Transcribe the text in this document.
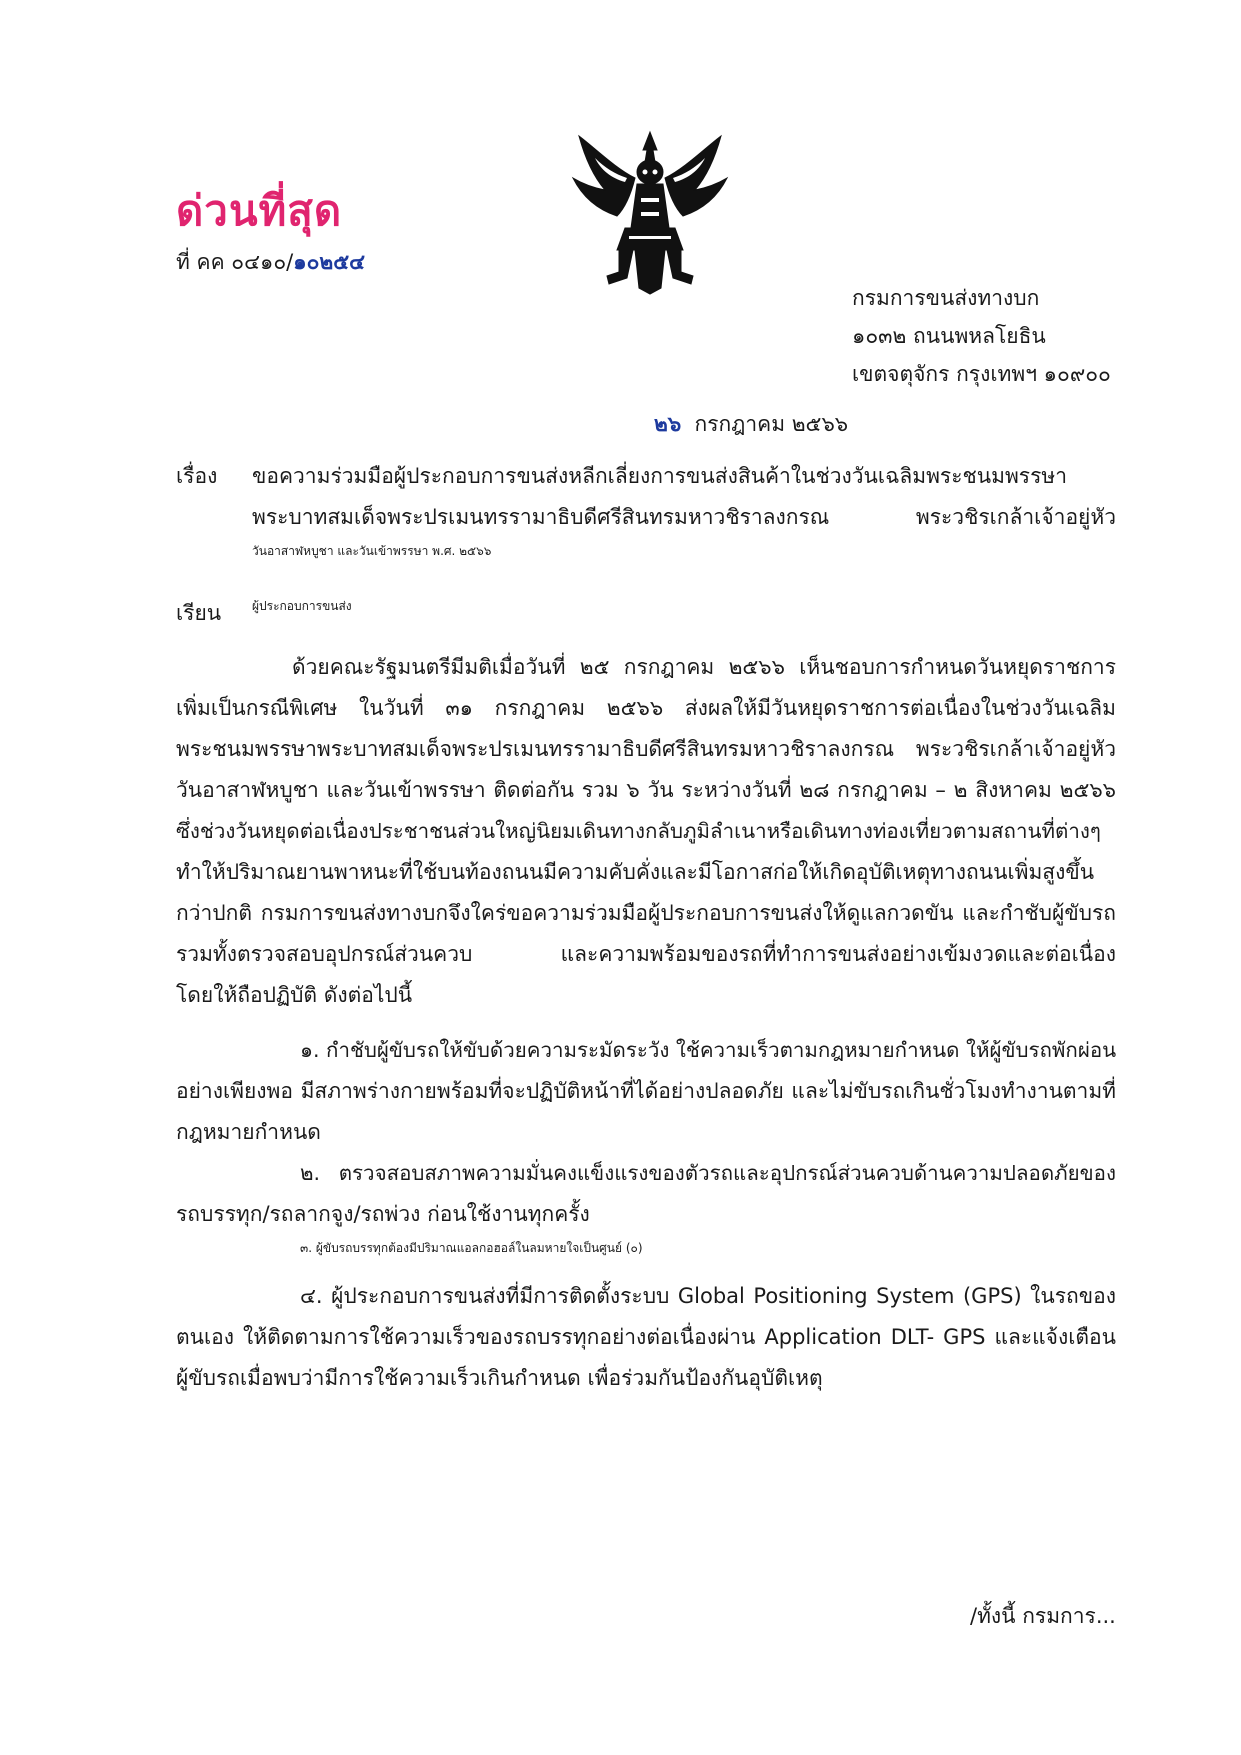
ด่วนที่สุด
ที่ คค ๐๔๑๐/๑๐๒๕๔
กรมการขนส่งทางบก
๑๐๓๒ ถนนพหลโยธิน
เขตจตุจักร กรุงเทพฯ ๑๐๙๐๐
๒๖ กรกฎาคม ๒๕๖๖
เรื่อง ขอความร่วมมือผู้ประกอบการขนส่งหลีกเลี่ยงการขนส่งสินค้าในช่วงวันเฉลิมพระชนมพรรษา
พระบาทสมเด็จพระปรเมนทรรามาธิบดีศรีสินทรมหาวชิราลงกรณ พระวชิรเกล้าเจ้าอยู่หัว
วันอาสาฬหบูชา และวันเข้าพรรษา พ.ศ. ๒๕๖๖
เรียน	ผู้ประกอบการขนส่ง
ด้วยคณะรัฐมนตรีมีมติเมื่อวันที่ ๒๕ กรกฎาคม ๒๕๖๖ เห็นชอบการกำหนดวันหยุดราชการ
เพิ่มเป็นกรณีพิเศษ ในวันที่ ๓๑ กรกฎาคม ๒๕๖๖ ส่งผลให้มีวันหยุดราชการต่อเนื่องในช่วงวันเฉลิม
พระชนมพรรษาพระบาทสมเด็จพระปรเมนทรรามาธิบดีศรีสินทรมหาวชิราลงกรณ พระวชิรเกล้าเจ้าอยู่หัว
วันอาสาฬหบูชา และวันเข้าพรรษา ติดต่อกัน รวม ๖ วัน ระหว่างวันที่ ๒๘ กรกฎาคม – ๒ สิงหาคม ๒๕๖๖
ซึ่งช่วงวันหยุดต่อเนื่องประชาชนส่วนใหญ่นิยมเดินทางกลับภูมิลำเนาหรือเดินทางท่องเที่ยวตามสถานที่ต่างๆ
ทำให้ปริมาณยานพาหนะที่ใช้บนท้องถนนมีความคับคั่งและมีโอกาสก่อให้เกิดอุบัติเหตุทางถนนเพิ่มสูงขึ้น
กว่าปกติ กรมการขนส่งทางบกจึงใคร่ขอความร่วมมือผู้ประกอบการขนส่งให้ดูแลกวดขัน และกำชับผู้ขับรถ
รวมทั้งตรวจสอบอุปกรณ์ส่วนควบ และความพร้อมของรถที่ทำการขนส่งอย่างเข้มงวดและต่อเนื่อง
โดยให้ถือปฏิบัติ ดังต่อไปนี้
๑. กำชับผู้ขับรถให้ขับด้วยความระมัดระวัง ใช้ความเร็วตามกฎหมายกำหนด ให้ผู้ขับรถพักผ่อน
อย่างเพียงพอ มีสภาพร่างกายพร้อมที่จะปฏิบัติหน้าที่ได้อย่างปลอดภัย และไม่ขับรถเกินชั่วโมงทำงานตามที่
กฎหมายกำหนด
๒. ตรวจสอบสภาพความมั่นคงแข็งแรงของตัวรถและอุปกรณ์ส่วนควบด้านความปลอดภัยของ
รถบรรทุก/รถลากจูง/รถพ่วง ก่อนใช้งานทุกครั้ง
๓. ผู้ขับรถบรรทุกต้องมีปริมาณแอลกอฮอล์ในลมหายใจเป็นศูนย์ (๐)
๔. ผู้ประกอบการขนส่งที่มีการติดตั้งระบบ Global Positioning System (GPS) ในรถของ
ตนเอง ให้ติดตามการใช้ความเร็วของรถบรรทุกอย่างต่อเนื่องผ่าน Application DLT- GPS และแจ้งเตือน
ผู้ขับรถเมื่อพบว่ามีการใช้ความเร็วเกินกำหนด เพื่อร่วมกันป้องกันอุบัติเหตุ
/ทั้งนี้ กรมการ...
